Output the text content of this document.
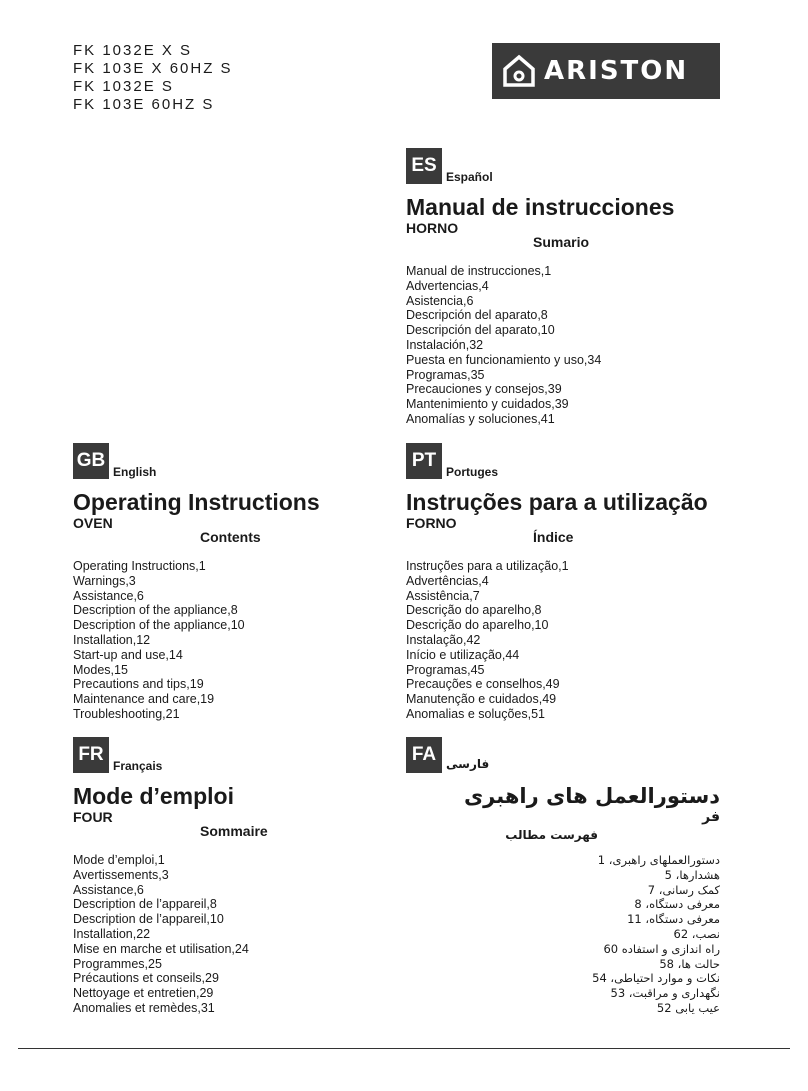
FK 1032E X S
FK 103E X 60HZ S
FK 1032E S
FK 103E 60HZ S
ARISTON
ESEspañol
Manual de instrucciones
HORNO
Sumario
Manual de instrucciones,1
Advertencias,4
Asistencia,6
Descripción del aparato,8
Descripción del aparato,10
Instalación,32
Puesta en funcionamiento y uso,34
Programas,35
Precauciones y consejos,39
Mantenimiento y cuidados,39
Anomalías y soluciones,41
GBEnglish
Operating Instructions
OVEN
Contents
Operating Instructions,1
Warnings,3
Assistance,6
Description of the appliance,8
Description of the appliance,10
Installation,12
Start-up and use,14
Modes,15
Precautions and tips,19
Maintenance and care,19
Troubleshooting,21
PTPortuges
Instruções para a utilização
FORNO
Índice
Instruções para a utilização,1
Advertências,4
Assistência,7
Descrição do aparelho,8
Descrição do aparelho,10
Instalação,42
Início e utilização,44
Programas,45
Precauções e conselhos,49
Manutenção e cuidados,49
Anomalias e soluções,51
FRFrançais
Mode d’emploi
FOUR
Sommaire
Mode d’emploi,1
Avertissements,3
Assistance,6
Description de l’appareil,8
Description de l’appareil,10
Installation,22
Mise en marche et utilisation,24
Programmes,25
Précautions et conseils,29
Nettoyage et entretien,29
Anomalies et remèdes,31
FA فارسی
دستورالعمل های راهبری
فر
فهرست مطالب
دستورالعملهای راهبری، 1
هشدارها، 5
کمک رسانی، 7
معرفی دستگاه، 8
معرفی دستگاه، 11
نصب، 62
راه اندازی و استفاده 60
حالت ها، 58
نکات و موارد احتیاطی، 54
نگهداری و مراقبت، 53
عیب یابی 52
